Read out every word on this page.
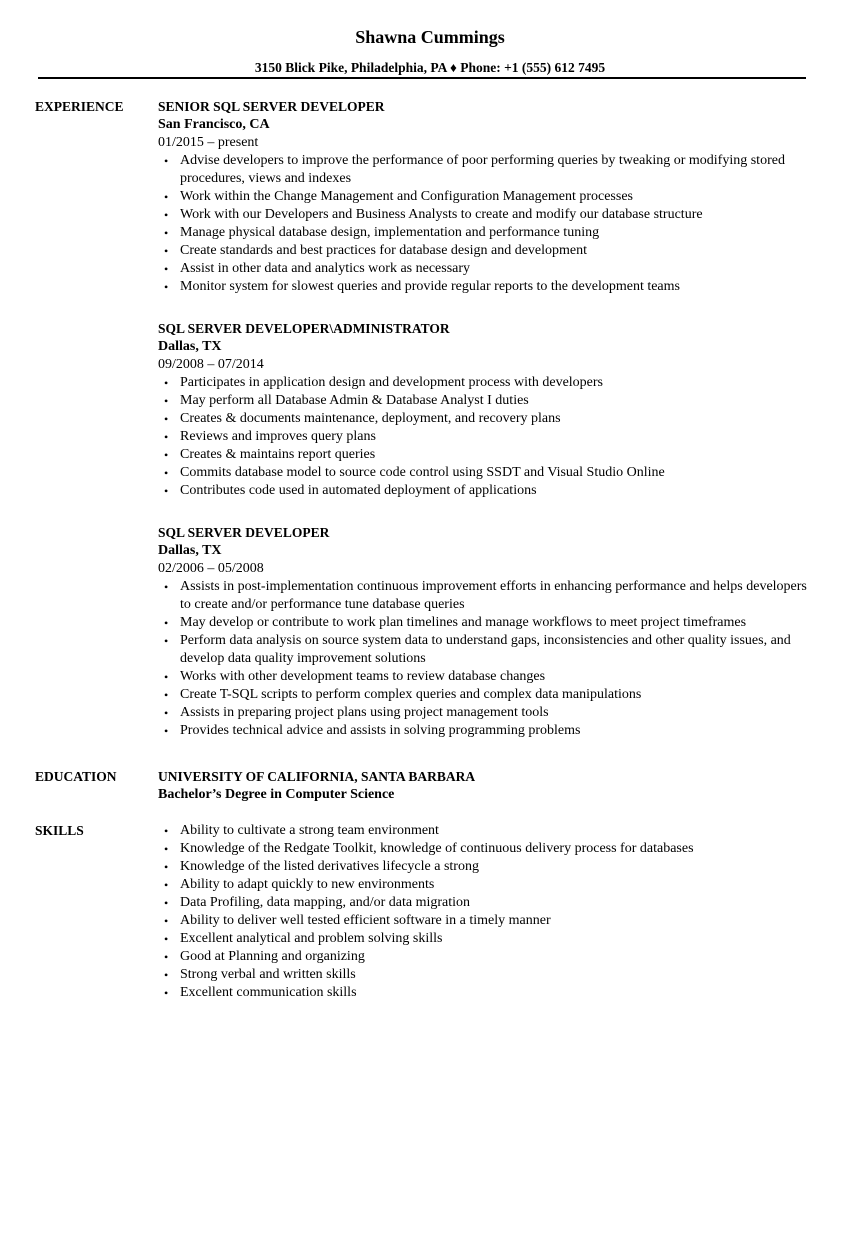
Shawna Cummings
3150 Blick Pike, Philadelphia, PA ♦ Phone: +1 (555) 612 7495
EXPERIENCE	SENIOR SQL SERVER DEVELOPER
San Francisco, CA
01/2015 – present
• Advise developers to improve the performance of poor performing queries by tweaking or modifying stored procedures, views and indexes
• Work within the Change Management and Configuration Management processes
• Work with our Developers and Business Analysts to create and modify our database structure
• Manage physical database design, implementation and performance tuning
• Create standards and best practices for database design and development
• Assist in other data and analytics work as necessary
• Monitor system for slowest queries and provide regular reports to the development teams
SQL SERVER DEVELOPER\ADMINISTRATOR
Dallas, TX
09/2008 – 07/2014
• Participates in application design and development process with developers
• May perform all Database Admin & Database Analyst I duties
• Creates & documents maintenance, deployment, and recovery plans
• Reviews and improves query plans
• Creates & maintains report queries
• Commits database model to source code control using SSDT and Visual Studio Online
• Contributes code used in automated deployment of applications
SQL SERVER DEVELOPER
Dallas, TX
02/2006 – 05/2008
• Assists in post-implementation continuous improvement efforts in enhancing performance and helps developers to create and/or performance tune database queries
• May develop or contribute to work plan timelines and manage workflows to meet project timeframes
• Perform data analysis on source system data to understand gaps, inconsistencies and other quality issues, and develop data quality improvement solutions
• Works with other development teams to review database changes
• Create T-SQL scripts to perform complex queries and complex data manipulations
• Assists in preparing project plans using project management tools
• Provides technical advice and assists in solving programming problems
EDUCATION	UNIVERSITY OF CALIFORNIA, SANTA BARBARA
Bachelor’s Degree in Computer Science
SKILLS	• Ability to cultivate a strong team environment
• Knowledge of the Redgate Toolkit, knowledge of continuous delivery process for databases
• Knowledge of the listed derivatives lifecycle a strong
• Ability to adapt quickly to new environments
• Data Profiling, data mapping, and/or data migration
• Ability to deliver well tested efficient software in a timely manner
• Excellent analytical and problem solving skills
• Good at Planning and organizing
• Strong verbal and written skills
• Excellent communication skills
